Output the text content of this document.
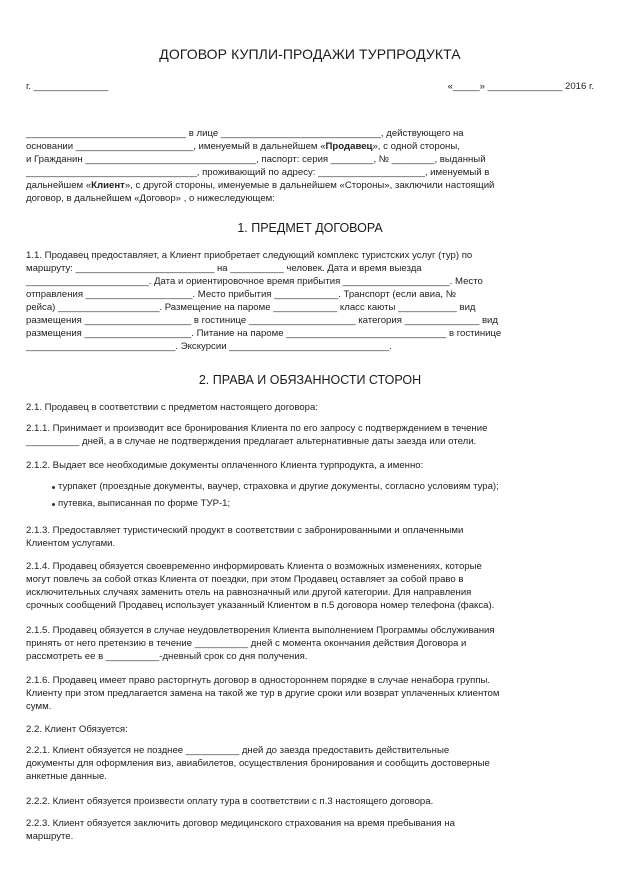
ДОГОВОР КУПЛИ-ПРОДАЖИ ТУРПРОДУКТА
г. ______________	«_____» ______________ 2016 г.
______________________________ в лице ______________________________, действующего на
основании ______________________, именуемый в дальнейшем «Продавец», с одной стороны,
и Гражданин ________________________________, паспорт: серия ________, № ________, выданный
________________________________, проживающий по адресу: ____________________, именуемый в
дальнейшем «Клиент», с другой стороны, именуемые в дальнейшем «Стороны», заключили настоящий
договор, в дальнейшем «Договор» , о нижеследующем:
1. ПРЕДМЕТ ДОГОВОРА
1.1. Продавец предоставляет, а Клиент приобретает следующий комплекс туристских услуг (тур) по
маршруту: __________________________ на __________ человек. Дата и время выезда
_______________________. Дата и ориентировочное время прибытия ____________________. Место
отправления ____________________. Место прибытия ____________. Транспорт (если авиа, №
рейса) ___________________. Размещение на пароме ____________ класс каюты ___________ вид
размещения ____________________ в гостинице ____________________ категория ______________ вид
размещения ____________________. Питание на пароме ______________________________ в гостинице
____________________________. Экскурсии ______________________________.
2. ПРАВА И ОБЯЗАННОСТИ СТОРОН
2.1. Продавец в соответствии с предметом настоящего договора:
2.1.1. Принимает и производит все бронирования Клиента по его запросу с подтверждением в течение
__________ дней, а в случае не подтверждения предлагает альтернативные даты заезда или отели.
2.1.2. Выдает все необходимые документы оплаченного Клиента турпродукта, а именно:
турпакет (проездные документы, ваучер, страховка и другие документы, согласно условиям тура);
путевка, выписанная по форме ТУР-1;
2.1.3. Предоставляет туристический продукт в соответствии с забронированными и оплаченными
Клиентом услугами.
2.1.4. Продавец обязуется своевременно информировать Клиента о возможных изменениях, которые
могут повлечь за собой отказ Клиента от поездки, при этом Продавец оставляет за собой право в
исключительных случаях заменить отель на равнозначный или другой категории. Для направления
срочных сообщений Продавец использует указанный Клиентом в п.5 договора номер телефона (факса).
2.1.5. Продавец обязуется в случае неудовлетворения Клиента выполнением Программы обслуживания
принять от него претензию в течение __________ дней с момента окончания действия Договора и
рассмотреть ее в __________-дневный срок со дня получения.
2.1.6. Продавец имеет право расторгнуть договор в одностороннем порядке в случае ненабора группы.
Клиенту при этом предлагается замена на такой же тур в другие сроки или возврат уплаченных клиентом
сумм.
2.2. Клиент Обязуется:
2.2.1. Клиент обязуется не позднее __________ дней до заезда предоставить действительные
документы для оформления виз, авиабилетов, осуществления бронирования и сообщить достоверные
анкетные данные.
2.2.2. Клиент обязуется произвести оплату тура в соответствии с п.3 настоящего договора.
2.2.3. Клиент обязуется заключить договор медицинского страхования на время пребывания на
маршруте.
